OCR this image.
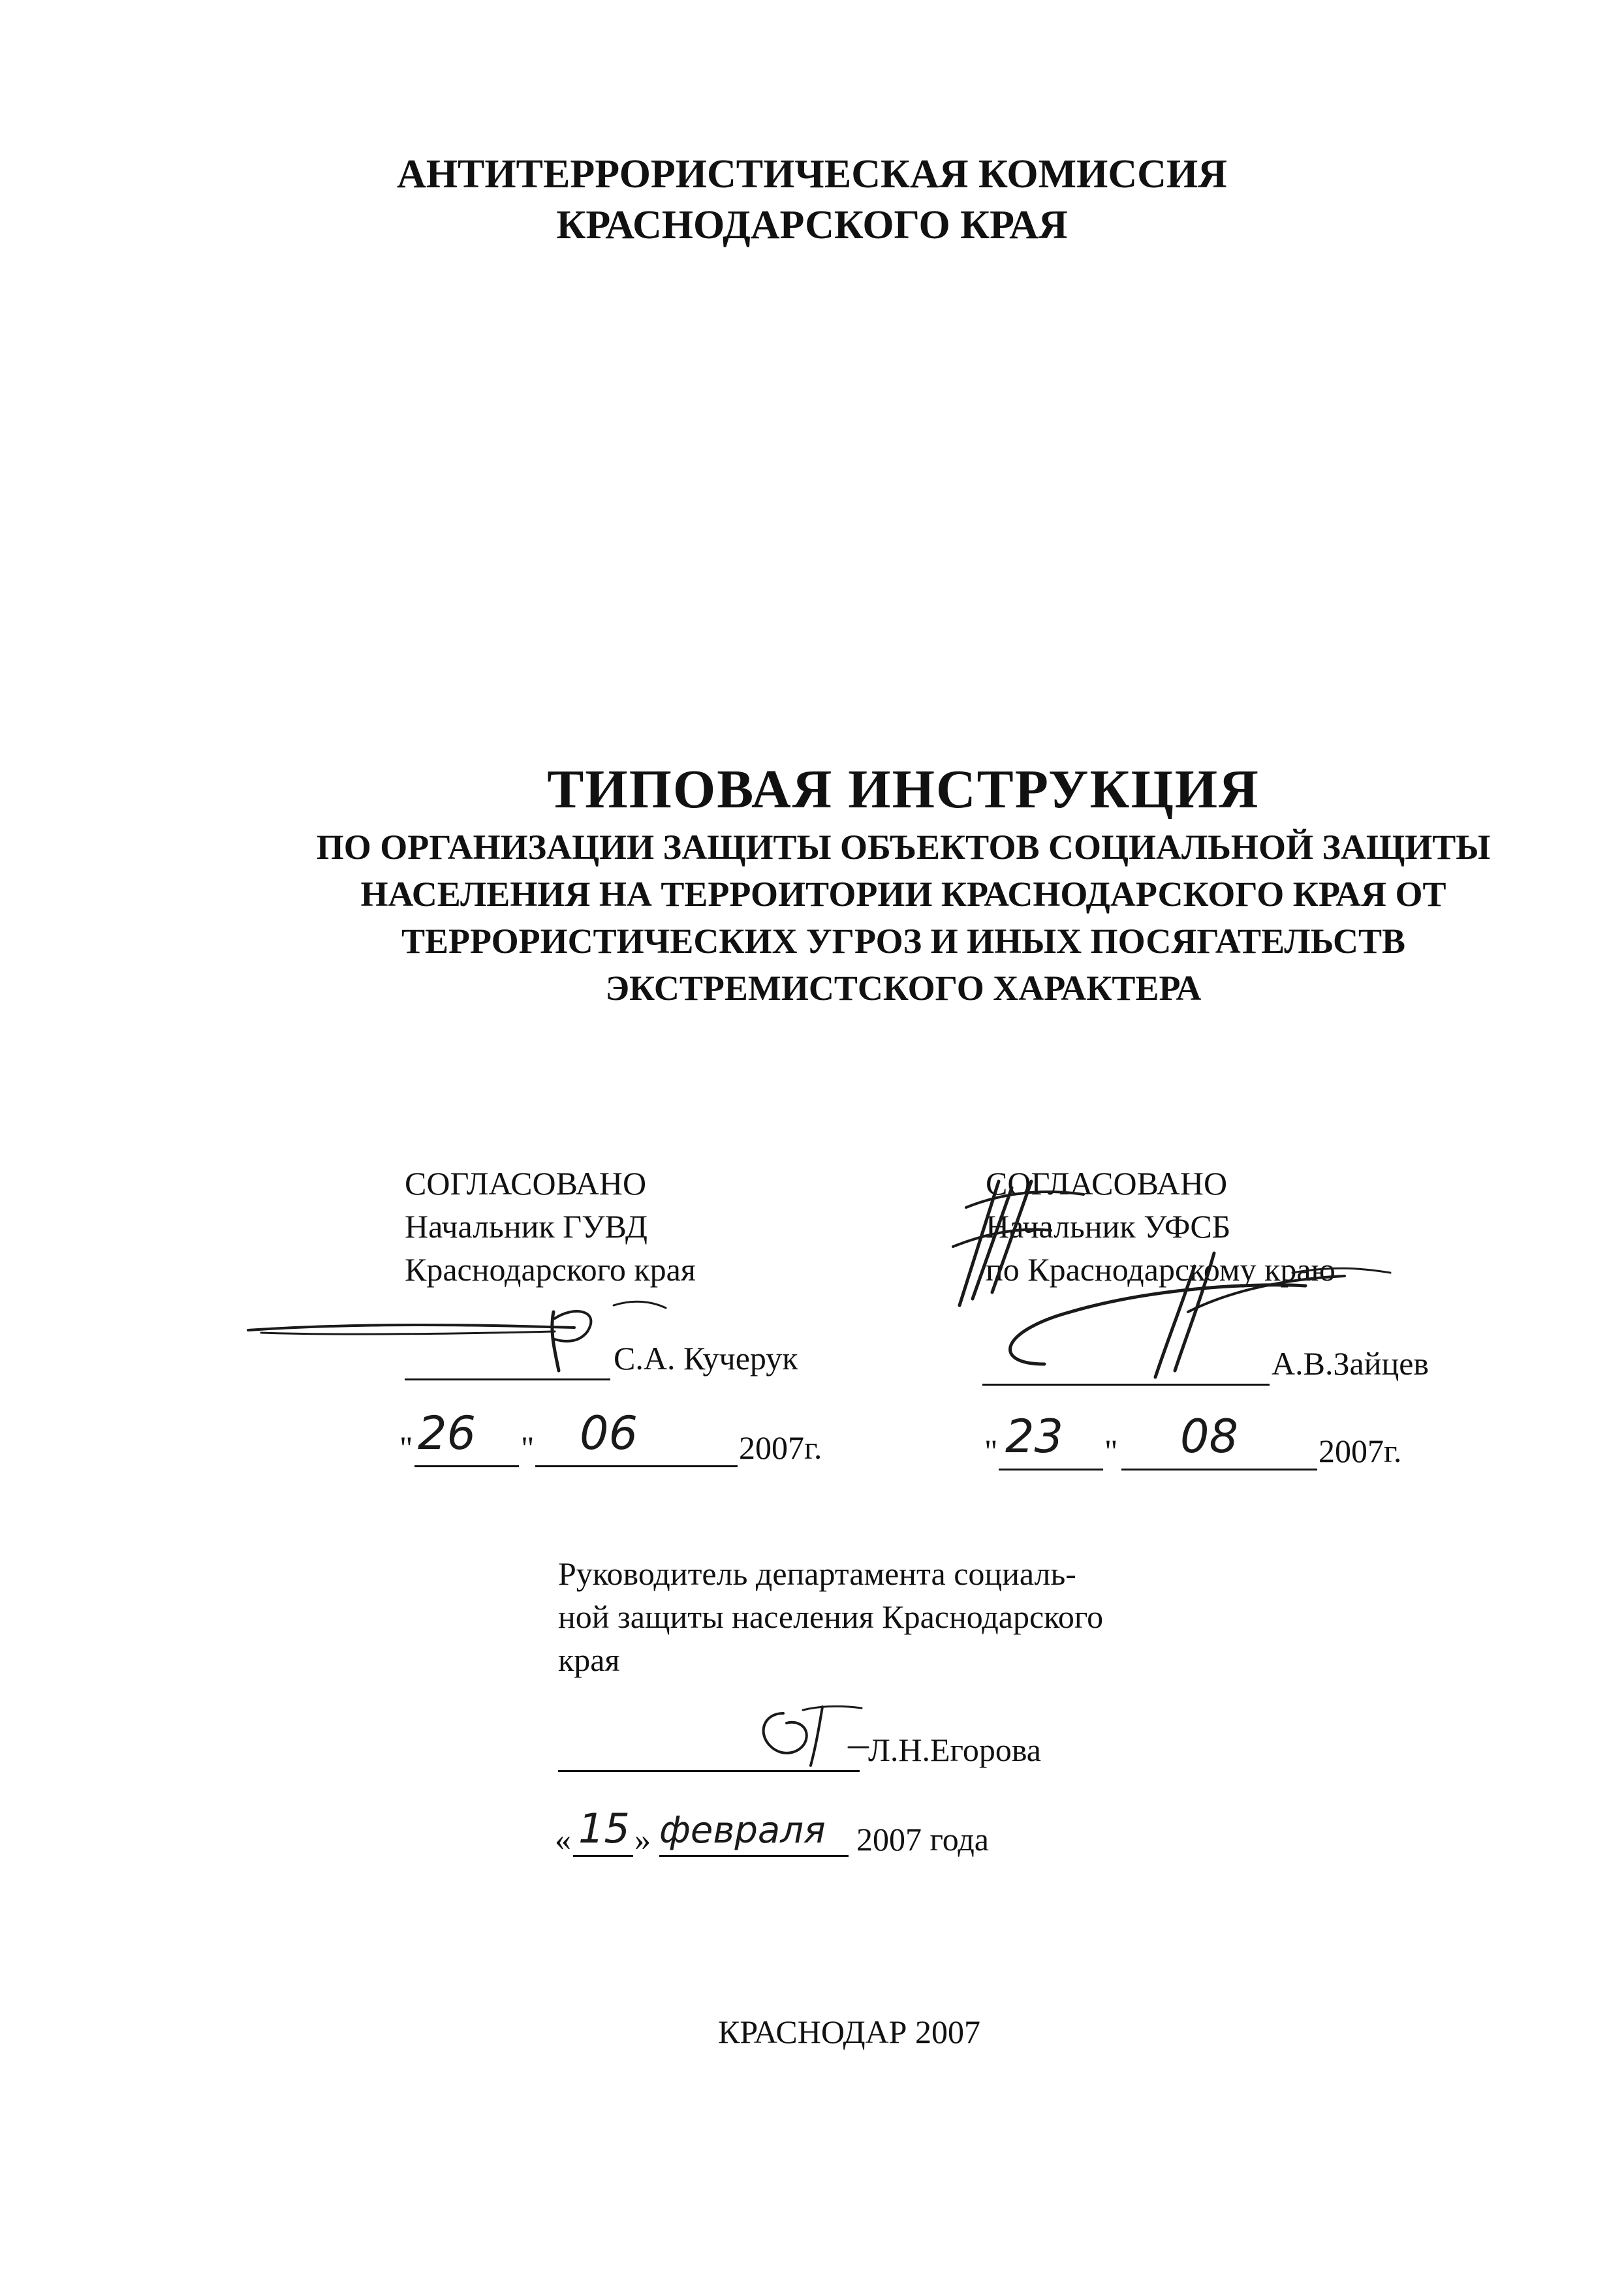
АНТИТЕРРОРИСТИЧЕСКАЯ КОМИССИЯ
КРАСНОДАРСКОГО КРАЯ
ТИПОВАЯ ИНСТРУКЦИЯ
ПО ОРГАНИЗАЦИИ ЗАЩИТЫ ОБЪЕКТОВ СОЦИАЛЬНОЙ ЗАЩИТЫ
НАСЕЛЕНИЯ НА ТЕРРОИТОРИИ КРАСНОДАРСКОГО КРАЯ ОТ
ТЕРРОРИСТИЧЕСКИХ УГРОЗ И ИНЫХ ПОСЯГАТЕЛЬСТВ
ЭКСТРЕМИСТСКОГО ХАРАКТЕРА
СОГЛАСОВАНО
Начальник ГУВД
Краснодарского края
С.А. Кучерук
" 26 " 06	2007г.
СОГЛАСОВАНО
Начальник УФСБ
по Краснодарскому краю
А.В.Зайцев
" 23 " 08 2007г.
Руководитель департамента социаль-
ной защиты населения Краснодарского
края
Л.Н.Егорова
« 15 » февраля 2007 года
КРАСНОДАР 2007
